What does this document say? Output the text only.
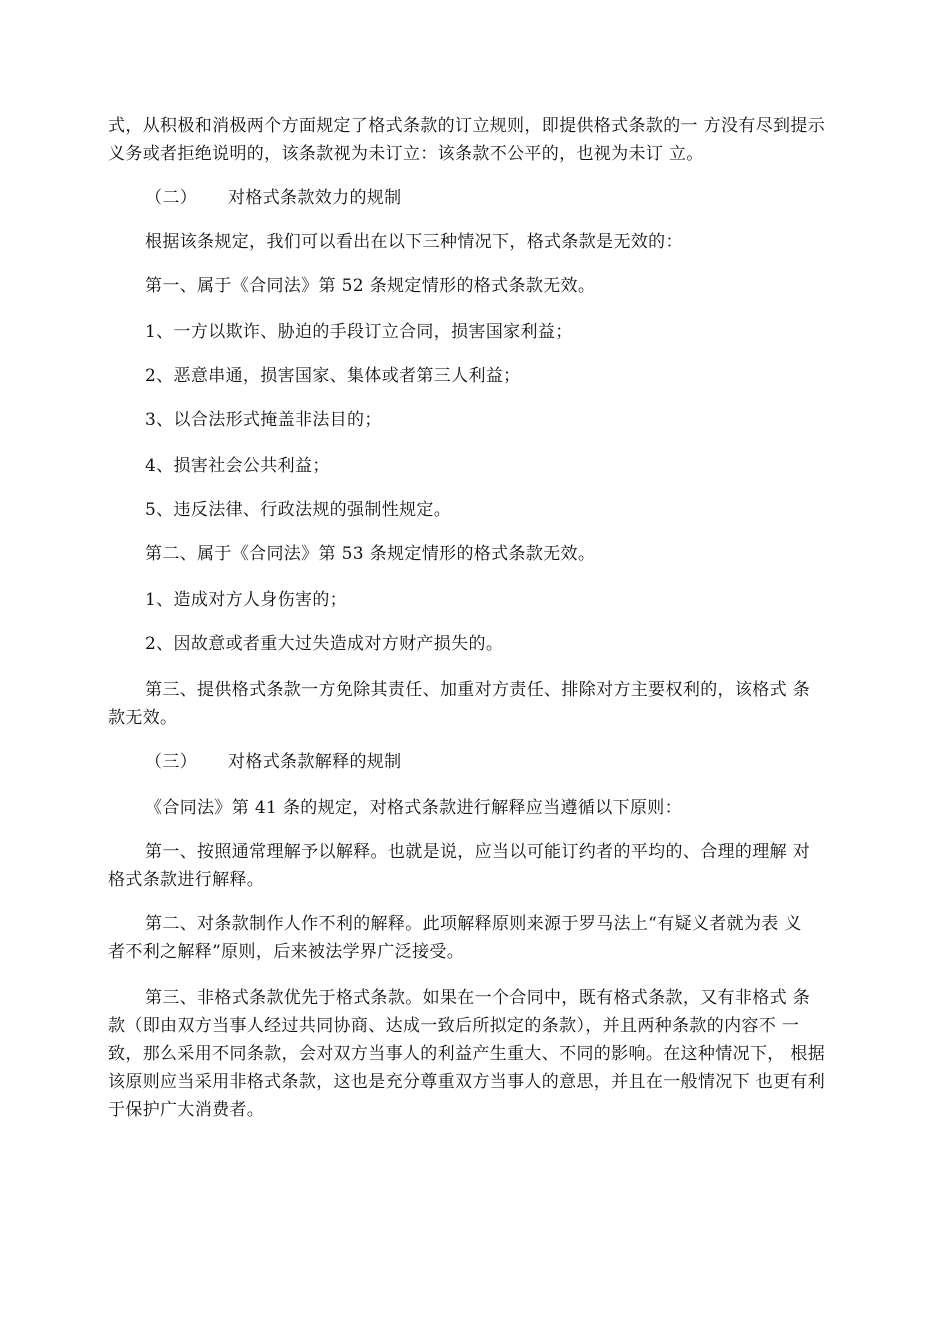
式，从积极和消极两个方面规定了格式条款的订立规则，即提供格式条款的一 方没有尽到提示
义务或者拒绝说明的，该条款视为未订立：该条款不公平的，也视为未订 立。
（二） 对格式条款效力的规制
根据该条规定，我们可以看出在以下三种情况下，格式条款是无效的：
第一、属于《合同法》第 52 条规定情形的格式条款无效。
1、一方以欺诈、胁迫的手段订立合同，损害国家利益；
2、恶意串通，损害国家、集体或者第三人利益；
3、以合法形式掩盖非法目的；
4、损害社会公共利益；
5、违反法律、行政法规的强制性规定。
第二、属于《合同法》第 53 条规定情形的格式条款无效。
1、造成对方人身伤害的；
2、因故意或者重大过失造成对方财产损失的。
第三、提供格式条款一方免除其责任、加重对方责任、排除对方主要权利的，该格式 条
款无效。
（三） 对格式条款解释的规制
《合同法》第 41 条的规定，对格式条款进行解释应当遵循以下原则：
第一、按照通常理解予以解释。也就是说，应当以可能订约者的平均的、合理的理解 对
格式条款进行解释。
第二、对条款制作人作不利的解释。此项解释原则来源于罗马法上“有疑义者就为表 义
者不利之解释”原则，后来被法学界广泛接受。
第三、非格式条款优先于格式条款。如果在一个合同中，既有格式条款，又有非格式 条
款（即由双方当事人经过共同协商、达成一致后所拟定的条款），并且两种条款的内容不 一
致，那么采用不同条款，会对双方当事人的利益产生重大、不同的影响。在这种情况下， 根据
该原则应当采用非格式条款，这也是充分尊重双方当事人的意思，并且在一般情况下 也更有利
于保护广大消费者。
